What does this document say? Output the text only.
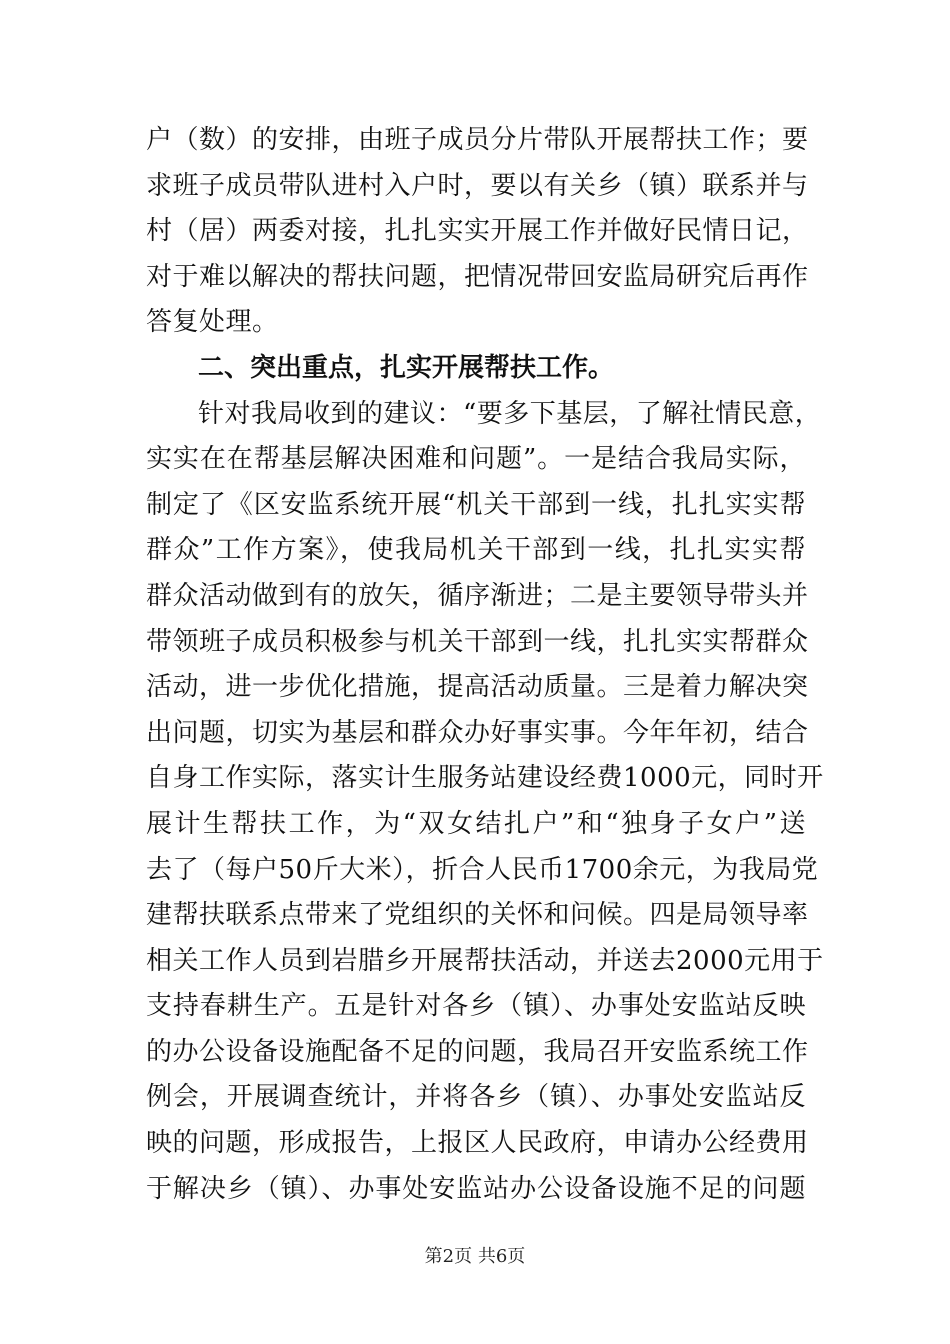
户（数）的安排，由班子成员分片带队开展帮扶工作；要
求班子成员带队进村入户时，要以有关乡（镇）联系并与
村（居）两委对接，扎扎实实开展工作并做好民情日记，
对于难以解决的帮扶问题，把情况带回安监局研究后再作
答复处理。
二、突出重点，扎实开展帮扶工作。
针对我局收到的建议：“要多下基层，了解社情民意，
实实在在帮基层解决困难和问题”。一是结合我局实际，
制定了《区安监系统开展“机关干部到一线，扎扎实实帮
群众”工作方案》，使我局机关干部到一线，扎扎实实帮
群众活动做到有的放矢，循序渐进；二是主要领导带头并
带领班子成员积极参与机关干部到一线，扎扎实实帮群众
活动，进一步优化措施，提高活动质量。三是着力解决突
出问题，切实为基层和群众办好事实事。今年年初，结合
自身工作实际，落实计生服务站建设经费1000元，同时开
展计生帮扶工作，为“双女结扎户”和“独身子女户”送
去了（每户50斤大米），折合人民币1700余元，为我局党
建帮扶联系点带来了党组织的关怀和问候。四是局领导率
相关工作人员到岩腊乡开展帮扶活动，并送去2000元用于
支持春耕生产。五是针对各乡（镇）、办事处安监站反映
的办公设备设施配备不足的问题，我局召开安监系统工作
例会，开展调查统计，并将各乡（镇）、办事处安监站反
映的问题，形成报告，上报区人民政府，申请办公经费用
于解决乡（镇）、办事处安监站办公设备设施不足的问题
第2页 共6页
